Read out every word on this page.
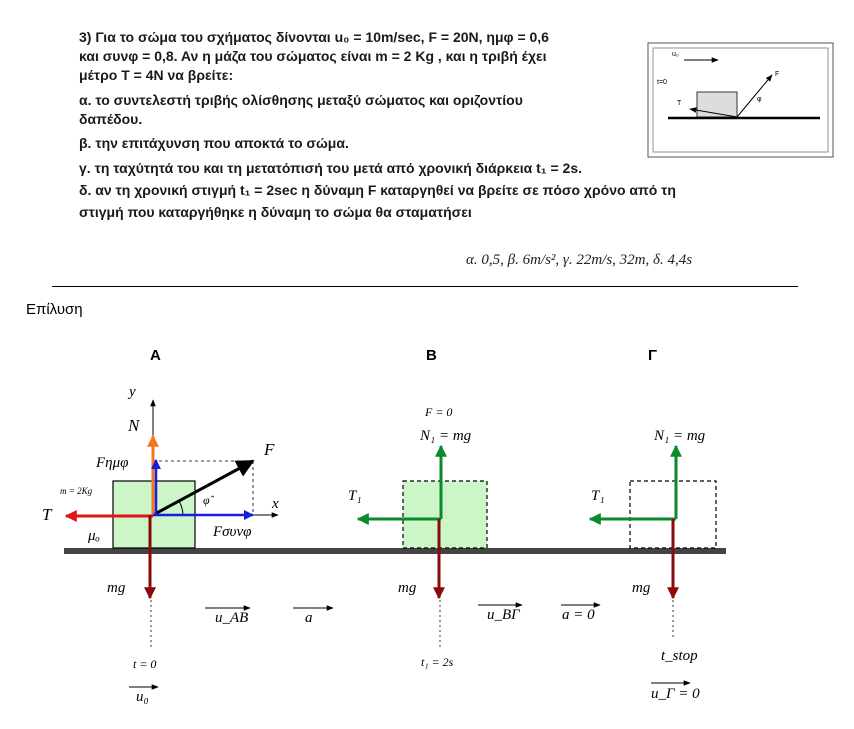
3) Για το σώμα του σχήματος δίνονται u₀ = 10m/sec, F = 20N, ημφ = 0,6
και συνφ = 0,8. Αν η μάζα του σώματος είναι m = 2 Kg , και η τριβή έχει
μέτρο T = 4N να βρείτε:
α. το συντελεστή τριβής ολίσθησης μεταξύ σώματος και οριζοντίου
δαπέδου.
β. την επιτάχυνση που αποκτά το σώμα.
γ. τη ταχύτητά του και τη μετατόπισή του μετά από χρονική διάρκεια t₁ = 2s.
δ. αν τη χρονική στιγμή t₁ = 2sec η δύναμη F καταργηθεί να βρείτε σε πόσο χρόνο από τη
στιγμή που καταργήθηκε η δύναμη το σώμα θα σταματήσει
α. 0,5, β. 6m/s², γ. 22m/s, 32m, δ. 4,4s
u₀
t=0
T
F
φ
Επίλυση
Α	Β	Γ
y
x
N
F
Fημφ
Fσυνφ
T
m = 2Kg
φ̂
μₒ
mg
t = 0
u₀
u_AB	a	u_ΒΓ	a = 0
F = 0
N₁ = mg
T₁
mg
t₁ = 2s
N₁ = mg
T₁
mg
t_stop
u_Γ = 0
